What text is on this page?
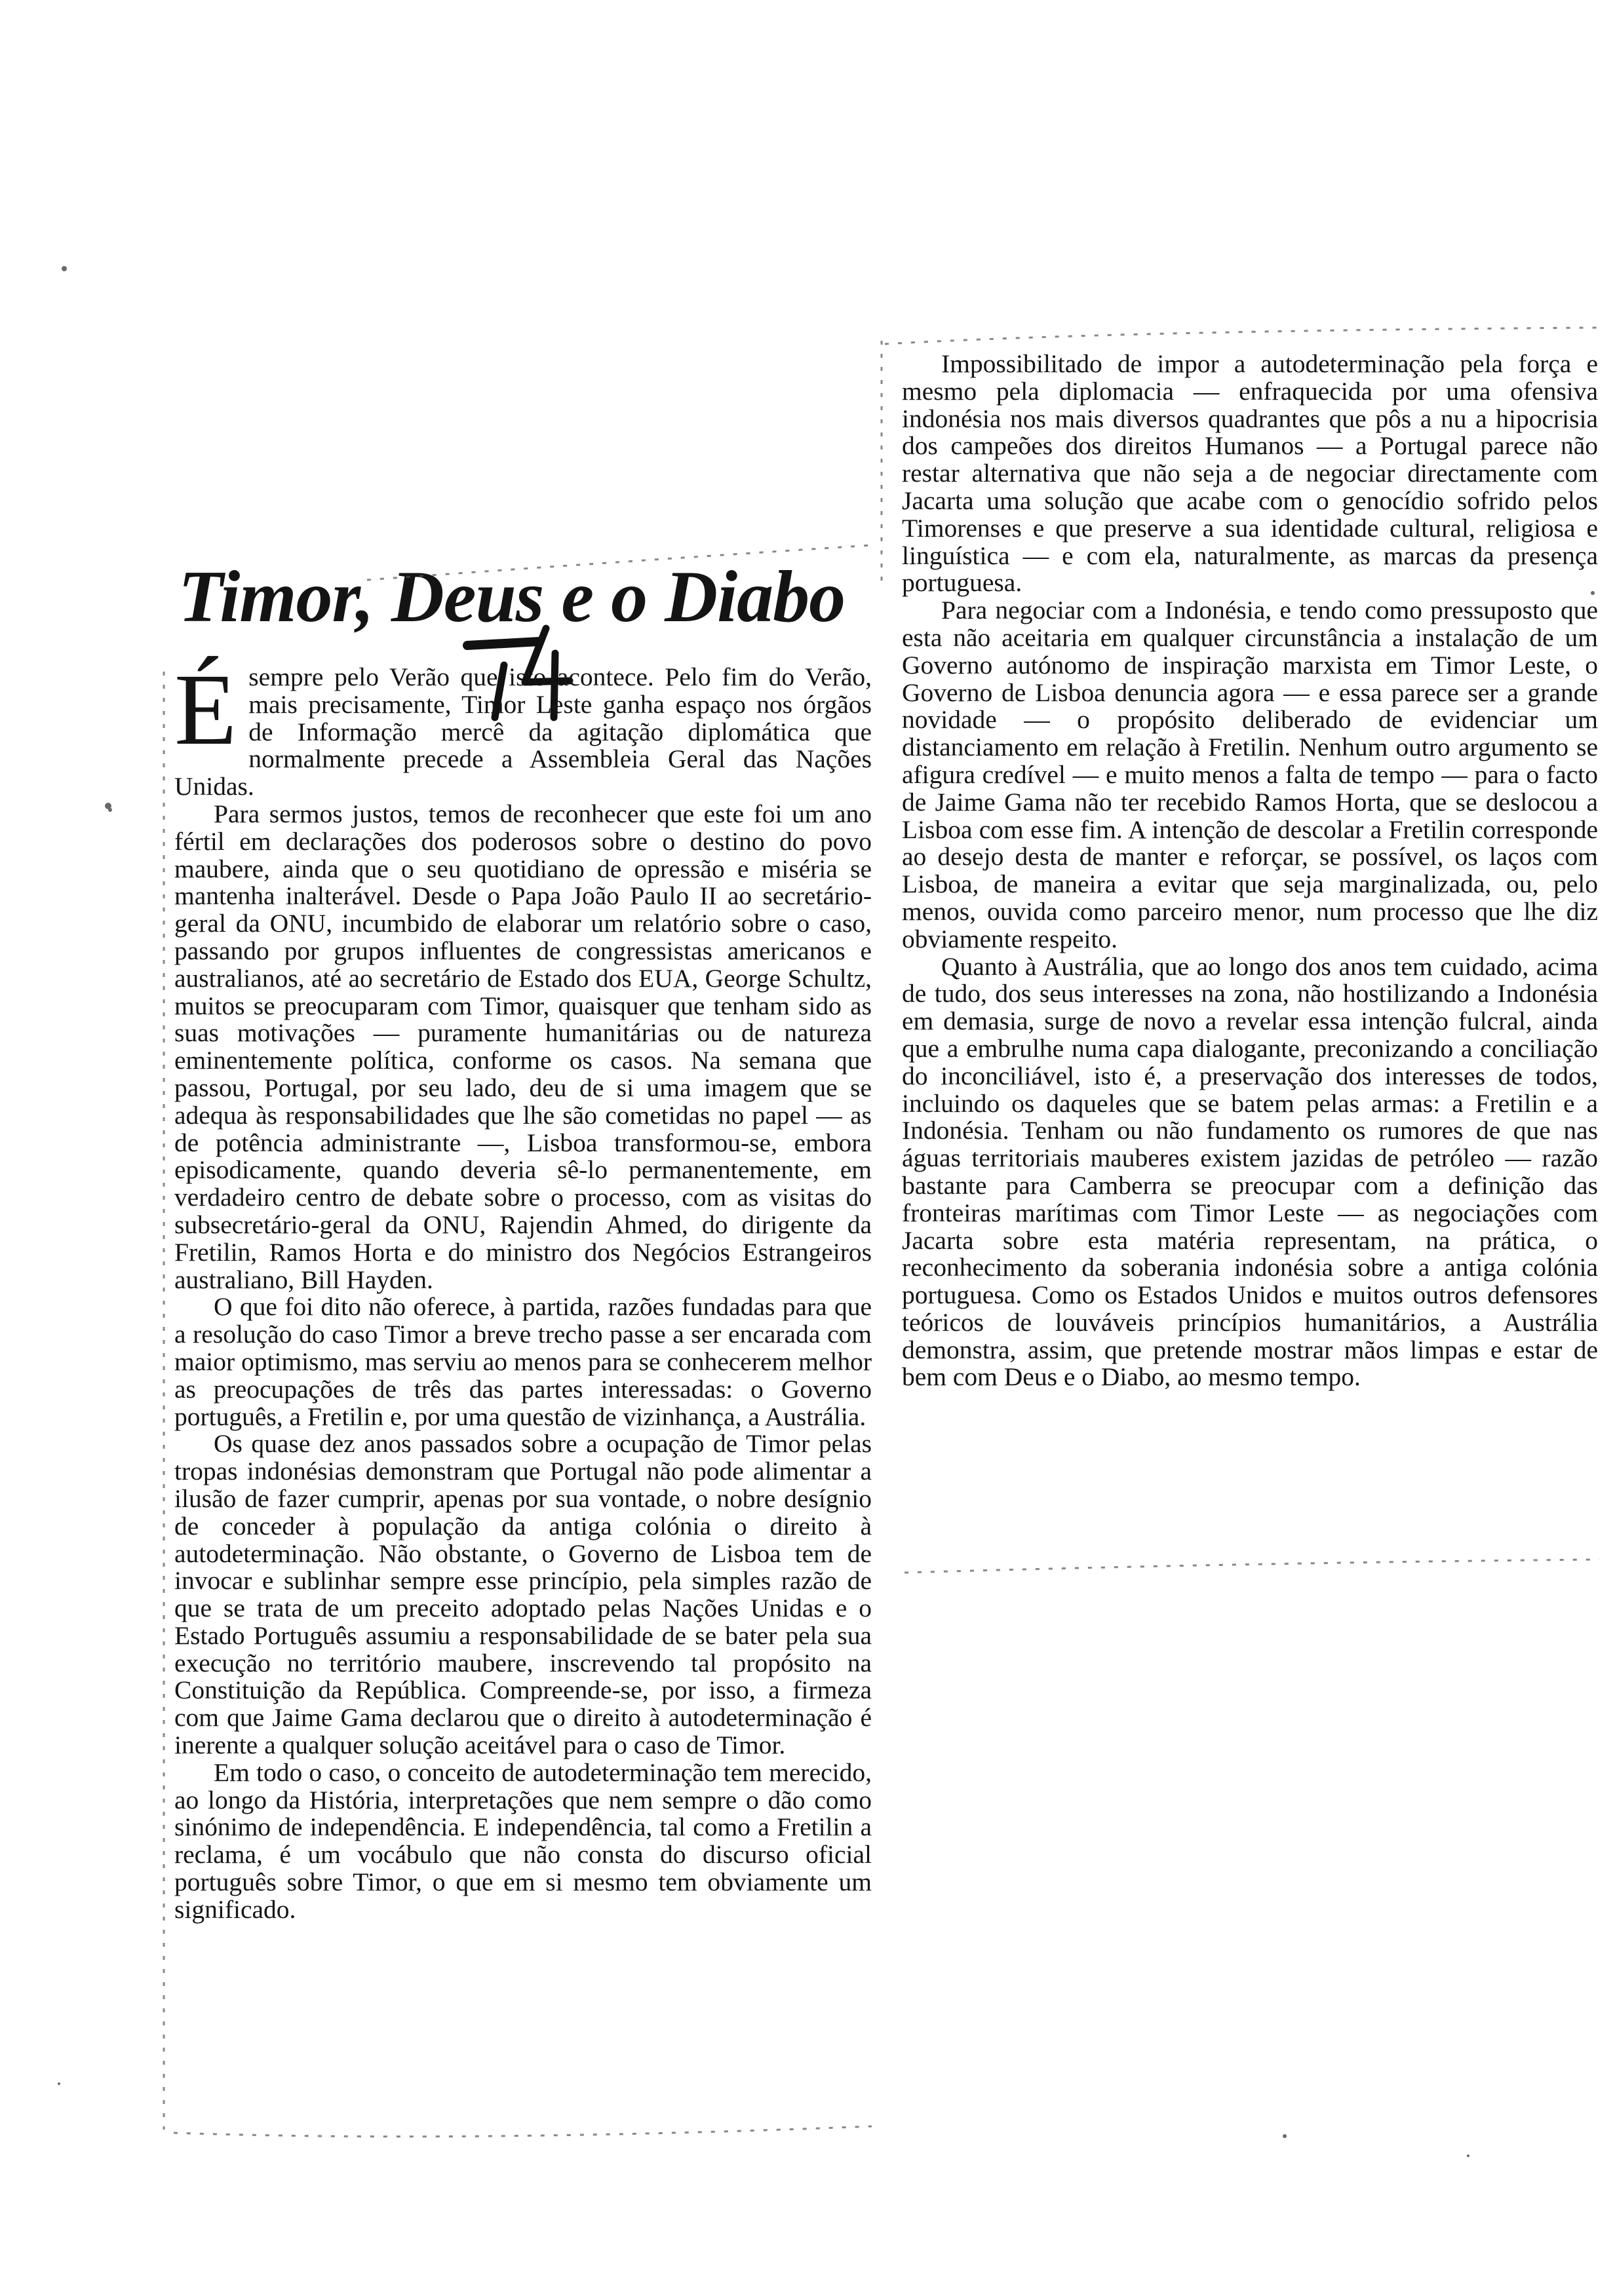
Timor, Deus e o Diabo

É sempre pelo Verão que isto acontece. Pelo fim do Verão, mais precisamente, Timor Leste ganha espaço nos órgãos de Informação mercê da agitação diplomática que normalmente precede a Assembleia Geral das Nações Unidas.

Para sermos justos, temos de reconhecer que este foi um ano fértil em declarações dos poderosos sobre o destino do povo maubere, ainda que o seu quotidiano de opressão e miséria se mantenha inalterável. Desde o Papa João Paulo II ao secretário-geral da ONU, incumbido de elaborar um relatório sobre o caso, passando por grupos influentes de congressistas americanos e australianos, até ao secretário de Estado dos EUA, George Schultz, muitos se preocuparam com Timor, quaisquer que tenham sido as suas motivações — puramente humanitárias ou de natureza eminentemente política, conforme os casos. Na semana que passou, Portugal, por seu lado, deu de si uma imagem que se adequa às responsabilidades que lhe são cometidas no papel — as de potência administrante —, Lisboa transformou-se, embora episodicamente, quando deveria sê-lo permanentemente, em verdadeiro centro de debate sobre o processo, com as visitas do subsecretário-geral da ONU, Rajendin Ahmed, do dirigente da Fretilin, Ramos Horta e do ministro dos Negócios Estrangeiros australiano, Bill Hayden.

O que foi dito não oferece, à partida, razões fundadas para que a resolução do caso Timor a breve trecho passe a ser encarada com maior optimismo, mas serviu ao menos para se conhecerem melhor as preocupações de três das partes interessadas: o Governo português, a Fretilin e, por uma questão de vizinhança, a Austrália.

Os quase dez anos passados sobre a ocupação de Timor pelas tropas indonésias demonstram que Portugal não pode alimentar a ilusão de fazer cumprir, apenas por sua vontade, o nobre desígnio de conceder à população da antiga colónia o direito à autodeterminação. Não obstante, o Governo de Lisboa tem de invocar e sublinhar sempre esse princípio, pela simples razão de que se trata de um preceito adoptado pelas Nações Unidas e o Estado Português assumiu a responsabilidade de se bater pela sua execução no território maubere, inscrevendo tal propósito na Constituição da República. Compreende-se, por isso, a firmeza com que Jaime Gama declarou que o direito à autodeterminação é inerente a qualquer solução aceitável para o caso de Timor.

Em todo o caso, o conceito de autodeterminação tem merecido, ao longo da História, interpretações que nem sempre o dão como sinónimo de independência. E independência, tal como a Fretilin a reclama, é um vocábulo que não consta do discurso oficial português sobre Timor, o que em si mesmo tem obviamente um significado.

Impossibilitado de impor a autodeterminação pela força e mesmo pela diplomacia — enfraquecida por uma ofensiva indonésia nos mais diversos quadrantes que pôs a nu a hipocrisia dos campeões dos direitos Humanos — a Portugal parece não restar alternativa que não seja a de negociar directamente com Jacarta uma solução que acabe com o genocídio sofrido pelos Timorenses e que preserve a sua identidade cultural, religiosa e linguística — e com ela, naturalmente, as marcas da presença portuguesa.

Para negociar com a Indonésia, e tendo como pressuposto que esta não aceitaria em qualquer circunstância a instalação de um Governo autónomo de inspiração marxista em Timor Leste, o Governo de Lisboa denuncia agora — e essa parece ser a grande novidade — o propósito deliberado de evidenciar um distanciamento em relação à Fretilin. Nenhum outro argumento se afigura credível — e muito menos a falta de tempo — para o facto de Jaime Gama não ter recebido Ramos Horta, que se deslocou a Lisboa com esse fim. A intenção de descolar a Fretilin corresponde ao desejo desta de manter e reforçar, se possível, os laços com Lisboa, de maneira a evitar que seja marginalizada, ou, pelo menos, ouvida como parceiro menor, num processo que lhe diz obviamente respeito.

Quanto à Austrália, que ao longo dos anos tem cuidado, acima de tudo, dos seus interesses na zona, não hostilizando a Indonésia em demasia, surge de novo a revelar essa intenção fulcral, ainda que a embrulhe numa capa dialogante, preconizando a conciliação do inconciliável, isto é, a preservação dos interesses de todos, incluindo os daqueles que se batem pelas armas: a Fretilin e a Indonésia. Tenham ou não fundamento os rumores de que nas águas territoriais mauberes existem jazidas de petróleo — razão bastante para Camberra se preocupar com a definição das fronteiras marítimas com Timor Leste — as negociações com Jacarta sobre esta matéria representam, na prática, o reconhecimento da soberania indonésia sobre a antiga colónia portuguesa. Como os Estados Unidos e muitos outros defensores teóricos de louváveis princípios humanitários, a Austrália demonstra, assim, que pretende mostrar mãos limpas e estar de bem com Deus e o Diabo, ao mesmo tempo.
